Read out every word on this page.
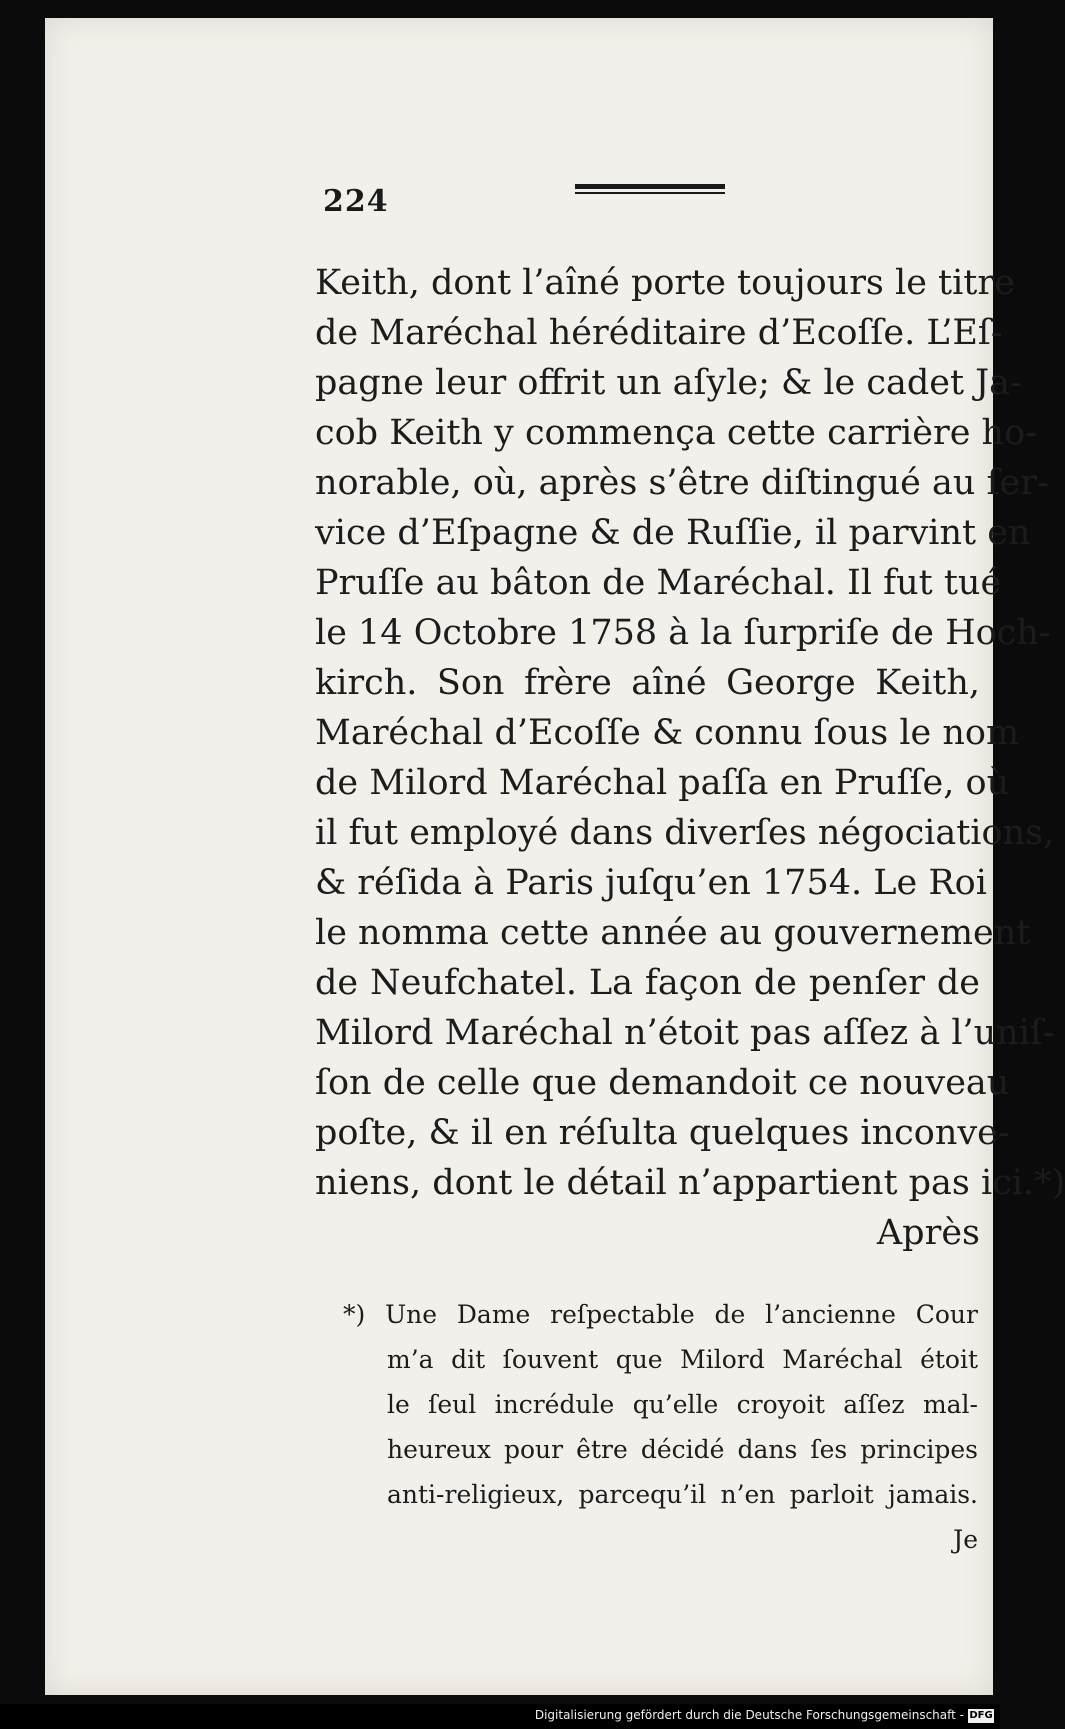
224
Keith, dont l’aîné porte toujours le titre
de Maréchal héréditaire d’Ecoſſe. L’Eſ-
pagne leur offrit un aſyle; & le cadet Ja-
cob Keith y commença cette carrière ho-
norable, où, après s’être diſtingué au ſer-
vice d’Eſpagne & de Ruſſie, il parvint en
Pruſſe au bâton de Maréchal. Il fut tué
le 14 Octobre 1758 à la ſurpriſe de Hoch-
kirch. Son frère aîné George Keith,
Maréchal d’Ecoſſe & connu ſous le nom
de Milord Maréchal paſſa en Pruſſe, où
il fut employé dans diverſes négociations,
& réſida à Paris juſqu’en 1754. Le Roi
le nomma cette année au gouvernement
de Neufchatel. La façon de penſer de
Milord Maréchal n’étoit pas aſſez à l’uniſ-
ſon de celle que demandoit ce nouveau
poſte, & il en réſulta quelques inconve-
niens, dont le détail n’appartient pas ici.*)
Après
*) Une Dame reſpectable de l’ancienne Cour
m’a dit ſouvent que Milord Maréchal étoit
le ſeul incrédule qu’elle croyoit aſſez mal-
heureux pour être décidé dans ſes principes
anti-religieux, parcequ’il n’en parloit jamais.
Je
Digitalisierung gefördert durch die Deutsche Forschungsgemeinschaft - DFG
